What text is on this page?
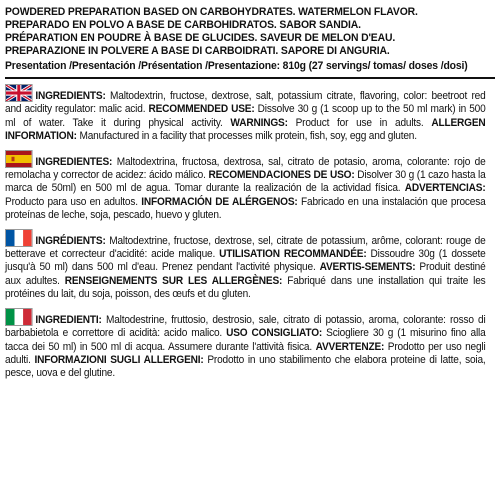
POWDERED PREPARATION BASED ON CARBOHYDRATES. WATERMELON FLAVOR.
PREPARADO EN POLVO A BASE DE CARBOHIDRATOS. SABOR SANDIA.
PRÉPARATION EN POUDRE À BASE DE GLUCIDES. SAVEUR DE MELON D'EAU.
PREPARAZIONE IN POLVERE A BASE DI CARBOIDRATI. SAPORE DI ANGURIA.
Presentation /Presentación /Présentation /Presentazione: 810g (27 servings/ tomas/ doses /dosi)
INGREDIENTS: Maltodextrin, fructose, dextrose, salt, potassium citrate, flavoring, color: beetroot red and acidity regulator: malic acid. RECOMMENDED USE: Dissolve 30 g (1 scoop up to the 50 ml mark) in 500 ml of water. Take it during physical activity. WARNINGS: Product for use in adults. ALLERGEN INFORMATION: Manufactured in a facility that processes milk protein, fish, soy, egg and gluten.
INGREDIENTES: Maltodextrina, fructosa, dextrosa, sal, citrato de potasio, aroma, colorante: rojo de remolacha y corrector de acidez: ácido málico. RECOMENDACIONES DE USO: Disolver 30 g (1 cazo hasta la marca de 50ml) en 500 ml de agua. Tomar durante la realización de la actividad física. ADVERTENCIAS: Producto para uso en adultos. INFORMACIÓN DE ALÉRGENOS: Fabricado en una instalación que procesa proteínas de leche, soja, pescado, huevo y gluten.
INGRÉDIENTS: Maltodextrine, fructose, dextrose, sel, citrate de potassium, arôme, colorant: rouge de betterave et correcteur d'acidité: acide malique. UTILISATION RECOMMANDÉE: Dissoudre 30g (1 dossete jusqu'à 50 ml) dans 500 ml d'eau. Prenez pendant l'activité physique. AVERTIS-SEMENTS: Produit destiné aux adultes. RENSEIGNEMENTS SUR LES ALLERGÈNES: Fabriqué dans une installation qui traite les protéines du lait, du soja, poisson, des œufs et du gluten.
INGREDIENTI: Maltodestrine, fruttosio, destrosio, sale, citrato di potassio, aroma, colorante: rosso di barbabietola e correttore di acidità: acido malico. USO CONSIGLIATO: Sciogliere 30 g (1 misurino fino alla tacca dei 50 ml) in 500 ml di acqua. Assumere durante l'attività fisica. AVVERTENZE: Prodotto per uso negli adulti. INFORMAZIONI SUGLI ALLERGENI: Prodotto in uno stabilimento che elabora proteine di latte, soia, pesce, uova e del glutine.
